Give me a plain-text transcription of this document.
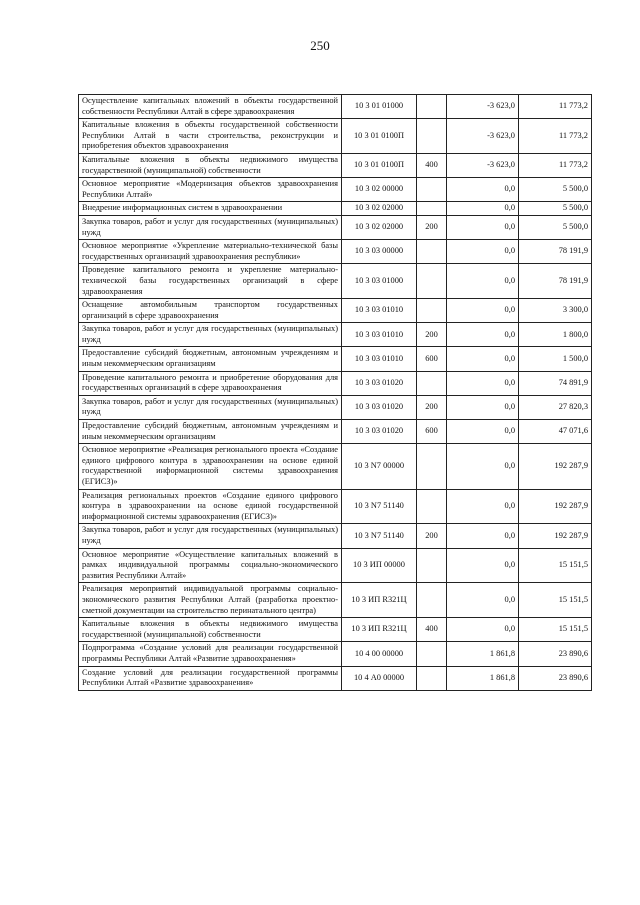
250
Осуществление капитальных вложений в объекты государственной собственности Республики Алтай в сфере здравоохранения	10 3 01 01000		-3 623,0	11 773,2
Капитальные вложения в объекты государственной собственности Республики Алтай в части строительства, реконструкции и приобретения объектов здравоохранения	10 3 01 0100П		-3 623,0	11 773,2
Капитальные вложения в объекты недвижимого имущества государственной (муниципальной) собственности	10 3 01 0100П	400	-3 623,0	11 773,2
Основное мероприятие «Модернизация объектов здравоохранения Республики Алтай»	10 3 02 00000		0,0	5 500,0
Внедрение информационных систем в здравоохранении	10 3 02 02000		0,0	5 500,0
Закупка товаров, работ и услуг для государственных (муниципальных) нужд	10 3 02 02000	200	0,0	5 500,0
Основное мероприятие «Укрепление материально-технической базы государственных организаций здравоохранения республики»	10 3 03 00000		0,0	78 191,9
Проведение капитального ремонта и укрепление материально-технической базы государственных организаций в сфере здравоохранения	10 3 03 01000		0,0	78 191,9
Оснащение автомобильным транспортом государственных организаций в сфере здравоохранения	10 3 03 01010		0,0	3 300,0
Закупка товаров, работ и услуг для государственных (муниципальных) нужд	10 3 03 01010	200	0,0	1 800,0
Предоставление субсидий бюджетным, автономным учреждениям и иным некоммерческим организациям	10 3 03 01010	600	0,0	1 500,0
Проведение капитального ремонта и приобретение оборудования для государственных организаций в сфере здравоохранения	10 3 03 01020		0,0	74 891,9
Закупка товаров, работ и услуг для государственных (муниципальных) нужд	10 3 03 01020	200	0,0	27 820,3
Предоставление субсидий бюджетным, автономным учреждениям и иным некоммерческим организациям	10 3 03 01020	600	0,0	47 071,6
Основное мероприятие «Реализация регионального проекта «Создание единого цифрового контура в здравоохранении на основе единой государственной информационной системы здравоохранения (ЕГИСЗ)»	10 3 N7 00000		0,0	192 287,9
Реализация региональных проектов «Создание единого цифрового контура в здравоохранении на основе единой государственной информационной системы здравоохранения (ЕГИСЗ)»	10 3 N7 51140		0,0	192 287,9
Закупка товаров, работ и услуг для государственных (муниципальных) нужд	10 3 N7 51140	200	0,0	192 287,9
Основное мероприятие «Осуществление капитальных вложений в рамках индивидуальной программы социально-экономического развития Республики Алтай»	10 3 ИП 00000		0,0	15 151,5
Реализация мероприятий индивидуальной программы социально-экономического развития Республики Алтай (разработка проектно-сметной документации на строительство перинатального центра)	10 3 ИП R321Ц		0,0	15 151,5
Капитальные вложения в объекты недвижимого имущества государственной (муниципальной) собственности	10 3 ИП R321Ц	400	0,0	15 151,5
Подпрограмма «Создание условий для реализации государственной программы Республики Алтай «Развитие здравоохранения»	10 4 00 00000		1 861,8	23 890,6
Создание условий для реализации государственной программы Республики Алтай «Развитие здравоохранения»	10 4 А0 00000		1 861,8	23 890,6
